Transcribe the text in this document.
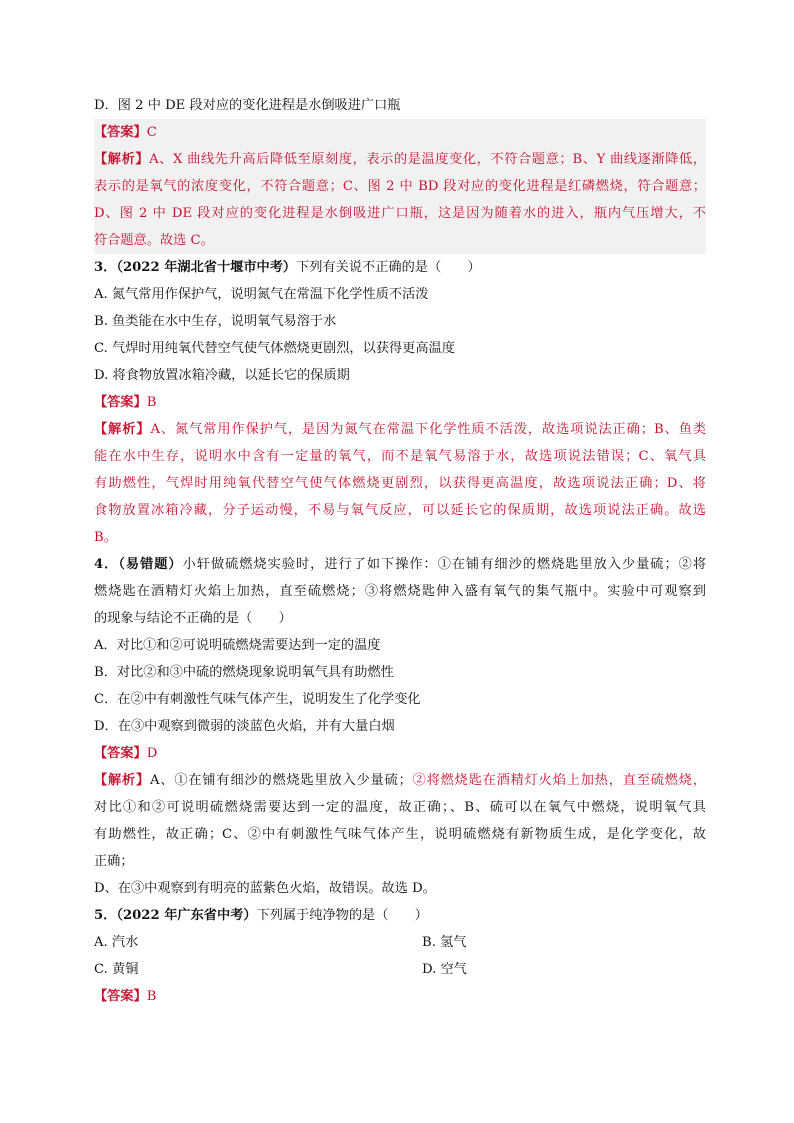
D．图 2 中 DE 段对应的变化进程是水倒吸进广口瓶
【答案】C
【解析】A、X 曲线先升高后降低至原刻度，表示的是温度变化，不符合题意；B、Y 曲线逐渐降低，
表示的是氧气的浓度变化，不符合题意；C、图 2 中 BD 段对应的变化进程是红磷燃烧，符合题意；
D、图 2 中 DE 段对应的变化进程是水倒吸进广口瓶，这是因为随着水的进入，瓶内气压增大，不
符合题意。故选 C。
3．（2022 年湖北省十堰市中考）下列有关说不正确的是（　　）
A. 氮气常用作保护气，说明氮气在常温下化学性质不活泼
B. 鱼类能在水中生存，说明氧气易溶于水
C. 气焊时用纯氧代替空气使气体燃烧更剧烈，以获得更高温度
D. 将食物放置冰箱冷藏，以延长它的保质期
【答案】B
【解析】A、氮气常用作保护气，是因为氮气在常温下化学性质不活泼，故选项说法正确；B、鱼类
能在水中生存，说明水中含有一定量的氧气，而不是氧气易溶于水，故选项说法错误；C、氧气具
有助燃性，气焊时用纯氧代替空气使气体燃烧更剧烈，以获得更高温度，故选项说法正确；D、将
食物放置冰箱冷藏，分子运动慢，不易与氧气反应，可以延长它的保质期，故选项说法正确。故选
B。
4．（易错题）小轩做硫燃烧实验时，进行了如下操作：①在铺有细沙的燃烧匙里放入少量硫；②将
燃烧匙在酒精灯火焰上加热，直至硫燃烧；③将燃烧匙伸入盛有氧气的集气瓶中。实验中可观察到
的现象与结论不正确的是（　　）
A．对比①和②可说明硫燃烧需要达到一定的温度
B．对比②和③中硫的燃烧现象说明氧气具有助燃性
C．在②中有刺激性气味气体产生，说明发生了化学变化
D．在③中观察到微弱的淡蓝色火焰，并有大量白烟
【答案】D
【解析】A、①在铺有细沙的燃烧匙里放入少量硫；②将燃烧匙在酒精灯火焰上加热，直至硫燃烧，
对比①和②可说明硫燃烧需要达到一定的温度，故正确；、B、硫可以在氧气中燃烧，说明氧气具
有助燃性，故正确；C、②中有刺激性气味气体产生，说明硫燃烧有新物质生成，是化学变化，故
正确；
D、在③中观察到有明亮的蓝紫色火焰，故错误。故选 D。
5．（2022 年广东省中考）下列属于纯净物的是（　　）
A. 汽水	B. 氢气
C. 黄铜	D. 空气
【答案】B
